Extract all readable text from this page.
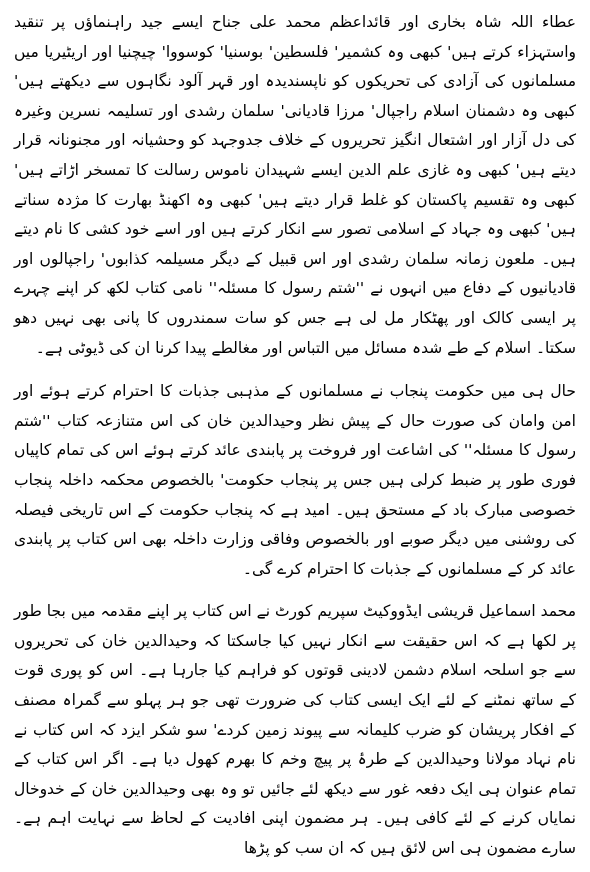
عطاء اللہ شاہ بخاری اور قائداعظم محمد علی جناح ایسے جید راہنماؤں پر تنقید واستہزاء کرتے ہیں' کبھی وہ کشمیر' فلسطین' بوسنیا' کوسووا' چیچنیا اور اریٹیریا میں مسلمانوں کی آزادی کی تحریکوں کو ناپسندیدہ اور قہر آلود نگاہوں سے دیکھتے ہیں' کبھی وہ دشمنان اسلام راجپال' مرزا قادیانی' سلمان رشدی اور تسلیمہ نسرین وغیرہ کی دل آزار اور اشتعال انگیز تحریروں کے خلاف جدوجہد کو وحشیانہ اور مجنونانہ قرار دیتے ہیں' کبھی وہ غازی علم الدین ایسے شہیدان ناموس رسالت کا تمسخر اڑاتے ہیں' کبھی وہ تقسیم پاکستان کو غلط قرار دیتے ہیں' کبھی وہ اکھنڈ بھارت کا مژدہ سناتے ہیں' کبھی وہ جہاد کے اسلامی تصور سے انکار کرتے ہیں اور اسے خود کشی کا نام دیتے ہیں۔ ملعون زمانہ سلمان رشدی اور اس قبیل کے دیگر مسیلمہ کذابوں' راجپالوں اور قادیانیوں کے دفاع میں انہوں نے ''شتم رسول کا مسئلہ'' نامی کتاب لکھ کر اپنے چہرے پر ایسی کالک اور پھٹکار مل لی ہے جس کو سات سمندروں کا پانی بھی نہیں دھو سکتا۔ اسلام کے طے شدہ مسائل میں التباس اور مغالطے پیدا کرنا ان کی ڈیوٹی ہے۔

حال ہی میں حکومت پنجاب نے مسلمانوں کے مذہبی جذبات کا احترام کرتے ہوئے اور امن وامان کی صورت حال کے پیش نظر وحیدالدین خان کی اس متنازعہ کتاب ''شتم رسول کا مسئلہ'' کی اشاعت اور فروخت پر پابندی عائد کرتے ہوئے اس کی تمام کاپیاں فوری طور پر ضبط کرلی ہیں جس پر پنجاب حکومت' بالخصوص محکمہ داخلہ پنجاب خصوصی مبارک باد کے مستحق ہیں۔ امید ہے کہ پنجاب حکومت کے اس تاریخی فیصلہ کی روشنی میں دیگر صوبے اور بالخصوص وفاقی وزارت داخلہ بھی اس کتاب پر پابندی عائد کر کے مسلمانوں کے جذبات کا احترام کرے گی۔

محمد اسماعیل قریشی ایڈووکیٹ سپریم کورٹ نے اس کتاب پر اپنے مقدمہ میں بجا طور پر لکھا ہے کہ اس حقیقت سے انکار نہیں کیا جاسکتا کہ وحیدالدین خان کی تحریروں سے جو اسلحہ اسلام دشمن لادینی قوتوں کو فراہم کیا جارہا ہے۔ اس کو پوری قوت کے ساتھ نمٹنے کے لئے ایک ایسی کتاب کی ضرورت تھی جو ہر پہلو سے گمراہ مصنف کے افکار پریشان کو ضرب کلیمانہ سے پیوند زمین کردے' سو شکر ایزد کہ اس کتاب نے نام نہاد مولانا وحیدالدین کے طرۂ پر پیچ وخم کا بھرم کھول دیا ہے۔ اگر اس کتاب کے تمام عنوان ہی ایک دفعہ غور سے دیکھ لئے جائیں تو وہ بھی وحیدالدین خان کے خدوخال نمایاں کرنے کے لئے کافی ہیں۔ ہر مضمون اپنی افادیت کے لحاظ سے نہایت اہم ہے۔ سارے مضمون ہی اس لائق ہیں کہ ان سب کو پڑھا
